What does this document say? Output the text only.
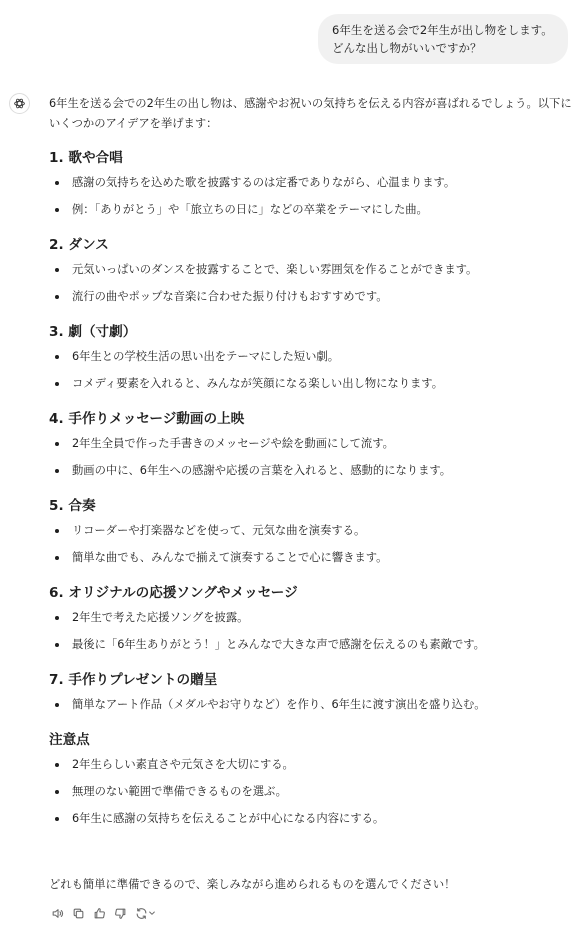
6年生を送る会で2年生が出し物をします。
どんな出し物がいいですか？

6年生を送る会での2年生の出し物は、感謝やお祝いの気持ちを伝える内容が喜ばれるでしょう。以下にいくつかのアイデアを挙げます：

1. 歌や合唱
感謝の気持ちを込めた歌を披露するのは定番でありながら、心温まります。
例：「ありがとう」や「旅立ちの日に」などの卒業をテーマにした曲。
2. ダンス
元気いっぱいのダンスを披露することで、楽しい雰囲気を作ることができます。
流行の曲やポップな音楽に合わせた振り付けもおすすめです。
3. 劇（寸劇）
6年生との学校生活の思い出をテーマにした短い劇。
コメディ要素を入れると、みんなが笑顔になる楽しい出し物になります。
4. 手作りメッセージ動画の上映
2年生全員で作った手書きのメッセージや絵を動画にして流す。
動画の中に、6年生への感謝や応援の言葉を入れると、感動的になります。
5. 合奏
リコーダーや打楽器などを使って、元気な曲を演奏する。
簡単な曲でも、みんなで揃えて演奏することで心に響きます。
6. オリジナルの応援ソングやメッセージ
2年生で考えた応援ソングを披露。
最後に「6年生ありがとう！」とみんなで大きな声で感謝を伝えるのも素敵です。
7. 手作りプレゼントの贈呈
簡単なアート作品（メダルやお守りなど）を作り、6年生に渡す演出を盛り込む。
注意点
2年生らしい素直さや元気さを大切にする。
無理のない範囲で準備できるものを選ぶ。
6年生に感謝の気持ちを伝えることが中心になる内容にする。
どれも簡単に準備できるので、楽しみながら進められるものを選んでください！
